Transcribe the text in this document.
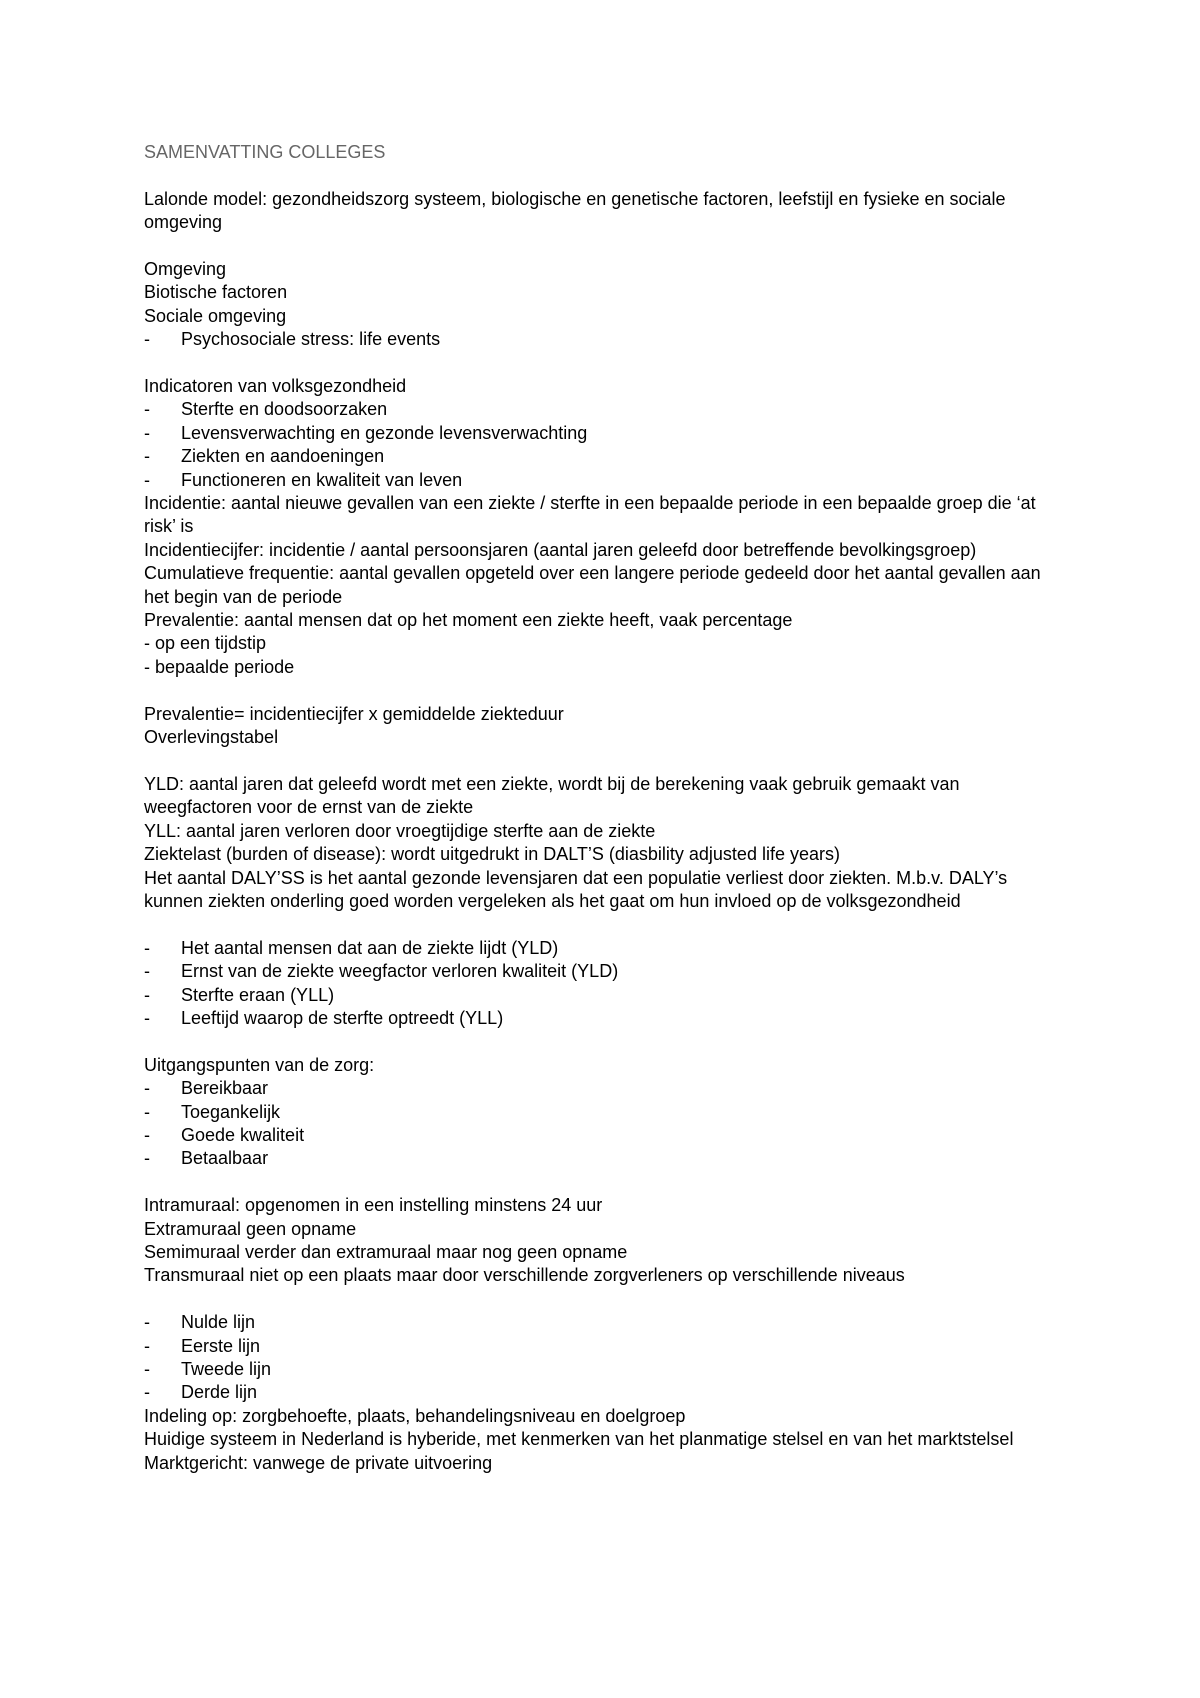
SAMENVATTING COLLEGES
Lalonde model: gezondheidszorg systeem, biologische en genetische factoren, leefstijl en fysieke en sociale omgeving
Omgeving
Biotische factoren
Sociale omgeving
-	Psychosociale stress: life events
Indicatoren van volksgezondheid
-	Sterfte en doodsoorzaken
-	Levensverwachting en gezonde levensverwachting
-	Ziekten en aandoeningen
-	Functioneren en kwaliteit van leven
Incidentie: aantal nieuwe gevallen van een ziekte / sterfte in een bepaalde periode in een bepaalde groep die ‘at risk’ is
Incidentiecijfer: incidentie / aantal persoonsjaren (aantal jaren geleefd door betreffende bevolkingsgroep)
Cumulatieve frequentie: aantal gevallen opgeteld over een langere periode gedeeld door het aantal gevallen aan het begin van de periode
Prevalentie: aantal mensen dat op het moment een ziekte heeft, vaak percentage
- op een tijdstip
- bepaalde periode
Prevalentie= incidentiecijfer x gemiddelde ziekteduur
Overlevingstabel
YLD: aantal jaren dat geleefd wordt met een ziekte, wordt bij de berekening vaak gebruik gemaakt van weegfactoren voor de ernst van de ziekte
YLL: aantal jaren verloren door vroegtijdige sterfte aan de ziekte
Ziektelast (burden of disease): wordt uitgedrukt in DALT’S (diasbility adjusted life years)
Het aantal DALY’SS is het aantal gezonde levensjaren dat een populatie verliest door ziekten. M.b.v. DALY’s kunnen ziekten onderling goed worden vergeleken als het gaat om hun invloed op de volksgezondheid
-	Het aantal mensen dat aan de ziekte lijdt (YLD)
-	Ernst van de ziekte weegfactor verloren kwaliteit (YLD)
-	Sterfte eraan (YLL)
-	Leeftijd waarop de sterfte optreedt (YLL)
Uitgangspunten van de zorg:
-	Bereikbaar
-	Toegankelijk
-	Goede kwaliteit
-	Betaalbaar
Intramuraal: opgenomen in een instelling minstens 24 uur
Extramuraal geen opname
Semimuraal verder dan extramuraal maar nog geen opname
Transmuraal niet op een plaats maar door verschillende zorgverleners op verschillende niveaus
-	Nulde lijn
-	Eerste lijn
-	Tweede lijn
-	Derde lijn
Indeling op: zorgbehoefte, plaats, behandelingsniveau en doelgroep
Huidige systeem in Nederland is hyberide, met kenmerken van het planmatige stelsel en van het marktstelsel
Marktgericht: vanwege de private uitvoering
